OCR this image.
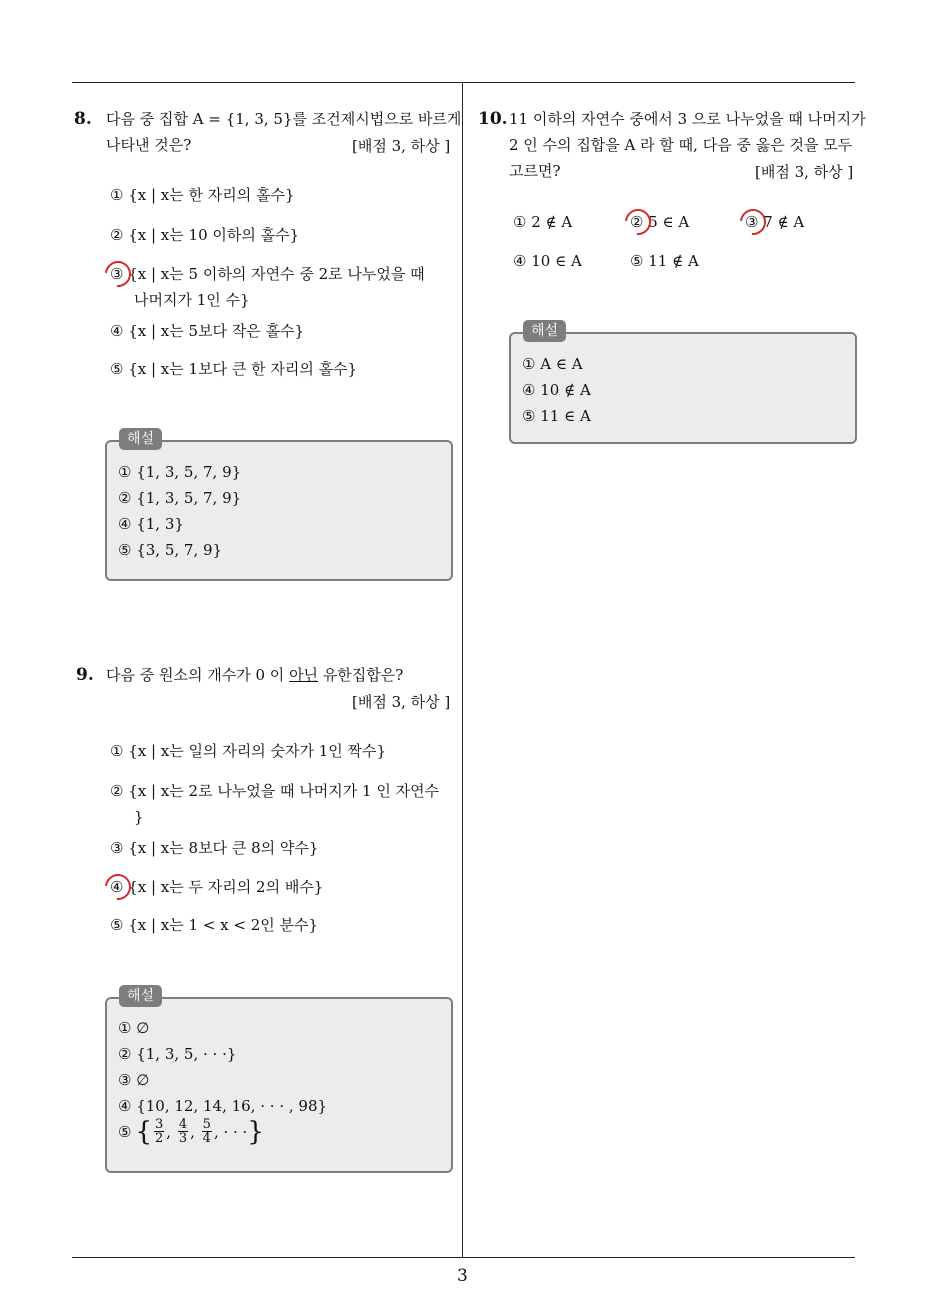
8. 다음 중 집합 A = {1, 3, 5}를 조건제시법으로 바르게
나타낸 것은?	[배점 3, 하상 ]
① {x | x는 한 자리의 홀수}
② {x | x는 10 이하의 홀수}
③ {x | x는 5 이하의 자연수 중 2로 나누었을 때
나머지가 1인 수}
④ {x | x는 5보다 작은 홀수}
⑤ {x | x는 1보다 큰 한 자리의 홀수}
해설
① {1, 3, 5, 7, 9}
② {1, 3, 5, 7, 9}
④ {1, 3}
⑤ {3, 5, 7, 9}
9. 다음 중 원소의 개수가 0 이 아닌 유한집합은?
[배점 3, 하상 ]
① {x | x는 일의 자리의 숫자가 1인 짝수}
② {x | x는 2로 나누었을 때 나머지가 1 인 자연수
}
③ {x | x는 8보다 큰 8의 약수}
④ {x | x는 두 자리의 2의 배수}
⑤ {x | x는 1 < x < 2인 분수}
해설
① ∅
② {1, 3, 5, · · ·}
③ ∅
④ {10, 12, 14, 16, · · · , 98}
⑤ { $\frac{3}{2}$ , $\frac{4}{3}$ , $\frac{5}{4}$ , · · · }
10. 11 이하의 자연수 중에서 3 으로 나누었을 때 나머지가
2 인 수의 집합을 A 라 할 때, 다음 중 옳은 것을 모두
고르면?	[배점 3, 하상 ]
① 2 ∉ A	② 5 ∈ A	③ 7 ∉ A
④ 10 ∈ A	⑤ 11 ∉ A
해설
① A ∈ A
④ 10 ∉ A
⑤ 11 ∈ A
3
